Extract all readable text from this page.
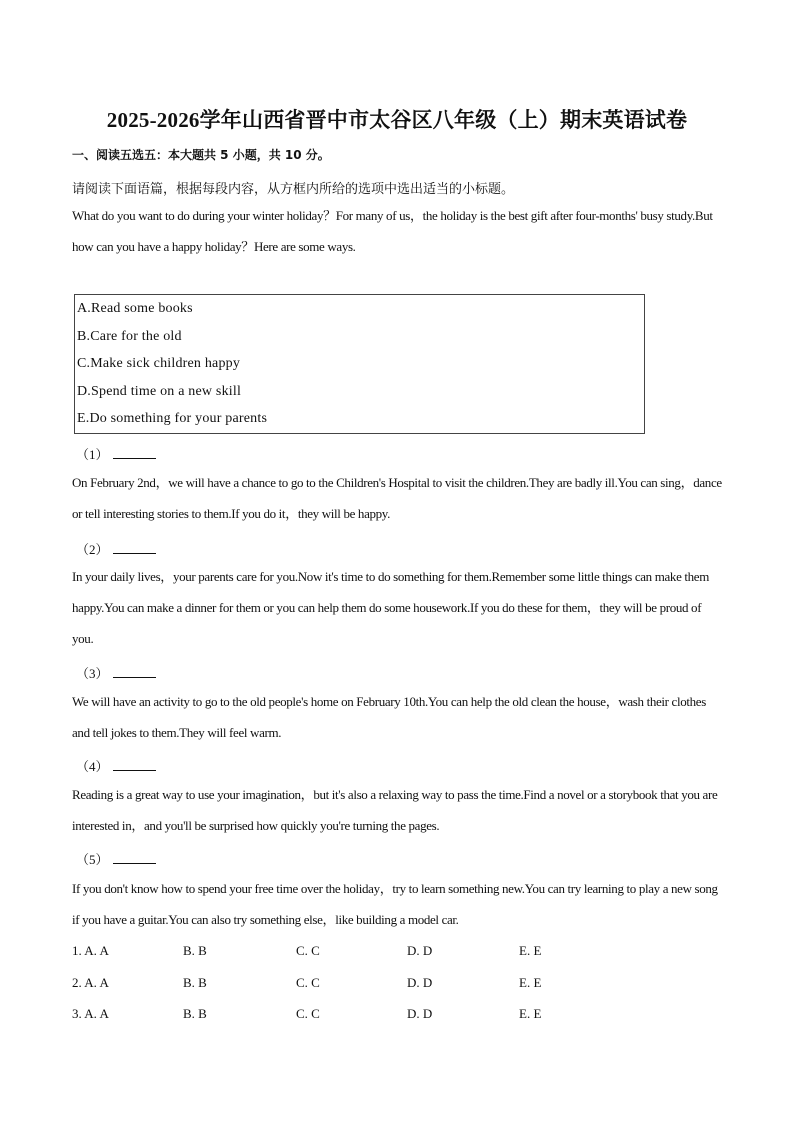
2025-2026学年山西省晋中市太谷区八年级（上）期末英语试卷
一、阅读五选五：本大题共 5 小题，共 10 分。
请阅读下面语篇，根据每段内容，从方框内所给的选项中选出适当的小标题。
What do you want to do during your winter holiday？For many of us，the holiday is the best gift after four-months' busy study.But how can you have a happy holiday？Here are some ways.
A.Read some books
B.Care for the old
C.Make sick children happy
D.Spend time on a new skill
E.Do something for your parents
（1）
On February 2nd，we will have a chance to go to the Children's Hospital to visit the children.They are badly ill.You can sing，dance or tell interesting stories to them.If you do it，they will be happy.
（2）
In your daily lives，your parents care for you.Now it's time to do something for them.Remember some little things can make them happy.You can make a dinner for them or you can help them do some housework.If you do these for them，they will be proud of you.
（3）
We will have an activity to go to the old people's home on February 10th.You can help the old clean the house，wash their clothes and tell jokes to them.They will feel warm.
（4）
Reading is a great way to use your imagination，but it's also a relaxing way to pass the time.Find a novel or a storybook that you are interested in，and you'll be surprised how quickly you're turning the pages.
（5）
If you don't know how to spend your free time over the holiday，try to learn something new.You can try learning to play a new song if you have a guitar.You can also try something else，like building a model car.
1. A. A	B. B	C. C	D. D	E. E
2. A. A	B. B	C. C	D. D	E. E
3. A. A	B. B	C. C	D. D	E. E
